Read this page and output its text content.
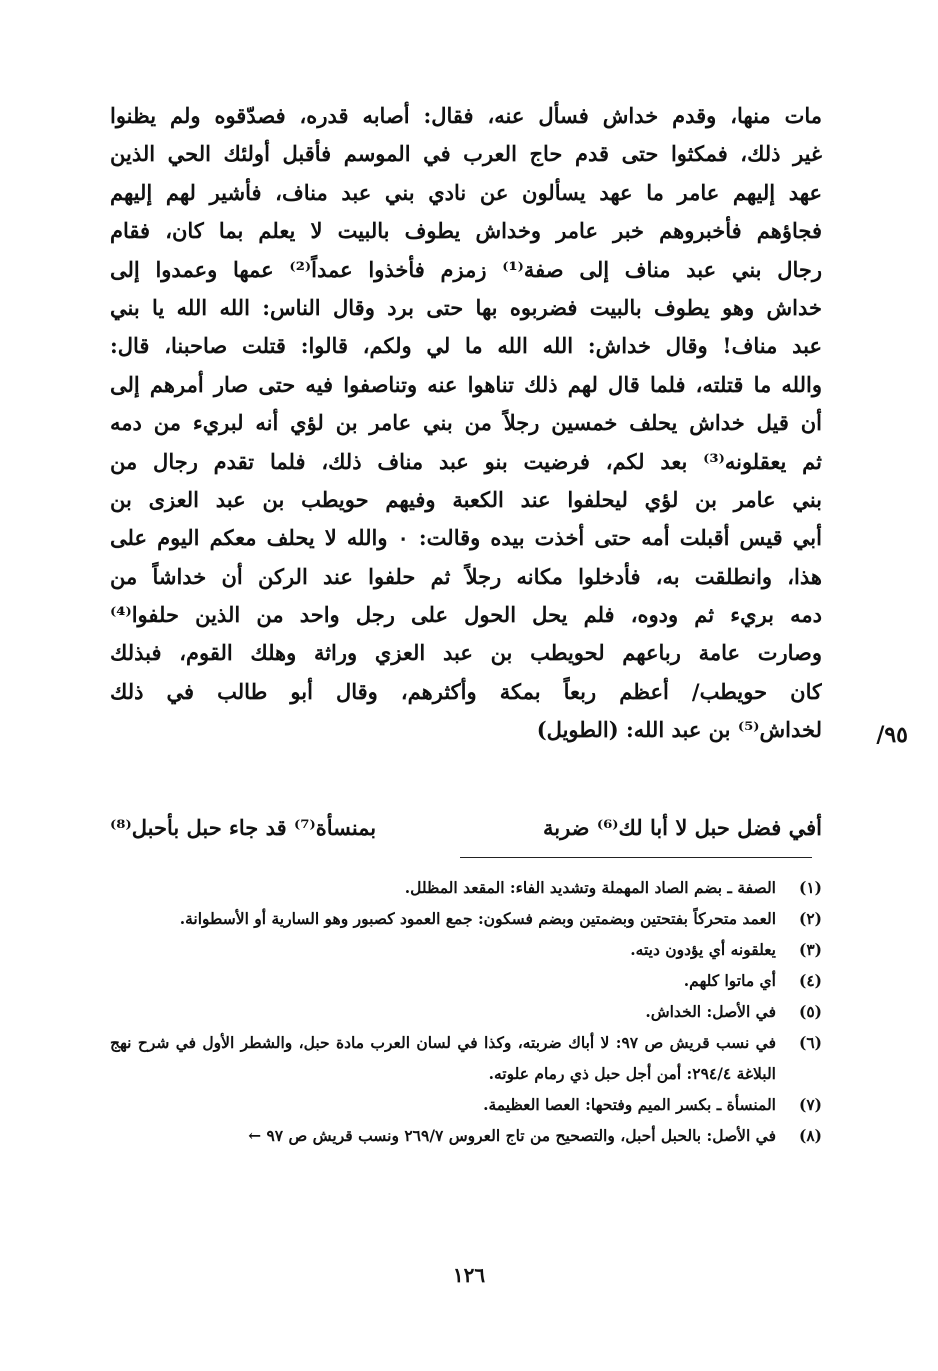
مات منها، وقدم خداش فسأل عنه، فقال: أصابه قدره، فصدّقوه ولم يظنوا
غير ذلك، فمكثوا حتى قدم حاج العرب في الموسم فأقبل أولئك الحي الذين
عهد إليهم عامر ما عهد يسألون عن نادي بني عبد مناف، فأشير لهم إليهم
فجاؤهم فأخبروهم خبر عامر وخداش يطوف بالبيت لا يعلم بما كان، فقام
رجال بني عبد مناف إلى صفة⁽¹⁾ زمزم فأخذوا عمداً⁽²⁾ عمها وعمدوا إلى
خداش وهو يطوف بالبيت فضربوه بها حتى برد وقال الناس: الله الله يا بني
عبد مناف! وقال خداش: الله الله ما لي ولكم، قالوا: قتلت صاحبنا، قال:
والله ما قتلته، فلما قال لهم ذلك تناهوا عنه وتناصفوا فيه حتى صار أمرهم إلى
أن قيل خداش يحلف خمسين رجلاً من بني عامر بن لؤي أنه لبريء من دمه
ثم يعقلونه⁽³⁾ بعد لكم، فرضيت بنو عبد مناف ذلك، فلما تقدم رجال من
بني عامر بن لؤي ليحلفوا عند الكعبة وفيهم حويطب بن عبد العزى بن
أبي قيس أقبلت أمه حتى أخذت بيده وقالت: ٠ والله لا يحلف معكم اليوم على
هذا، وانطلقت به، فأدخلوا مكانه رجلاً ثم حلفوا عند الركن أن خداشاً من
دمه بريء ثم ودوه، فلم يحل الحول على رجل واحد من الذين حلفوا⁽⁴⁾
وصارت عامة رباعهم لحويطب بن عبد العزي وراثة وهلك القوم، فبذلك
كان حويطب/ أعظم ربعاً بمكة وأكثرهم، وقال أبو طالب في ذلك
لخداش⁽⁵⁾ بن عبد الله: (الطويل)	٩٥/
أفي فضل حبل لا أبا لك⁽⁶⁾ ضربة
بمنسأة⁽⁷⁾ قد جاء حبل بأحبل⁽⁸⁾
(١)
الصفة ـ بضم الصاد المهملة وتشديد الفاء: المقعد المظلل.
(٢)
العمد متحركاً بفتحتين وبضمتين وبضم فسكون: جمع العمود كصبور وهو السارية أو الأسطوانة.
(٣)
يعلقونه أي يؤدون ديته.
(٤)
أي ماتوا كلهم.
(٥)
في الأصل: الخداش.
(٦)
في نسب قريش ص ٩٧: لا أباك ضربته، وكذا في لسان العرب مادة حبل، والشطر الأول في شرح نهج البلاغة ٢٩٤/٤: أمن أجل حبل ذي رمام علوته.
(٧)
المنسأة ـ بكسر الميم وفتحها: العصا العظيمة.
(٨)
في الأصل: بالحبل أحبل، والتصحيح من تاج العروس ٢٦٩/٧ ونسب قريش ص ٩٧ ←
١٢٦
